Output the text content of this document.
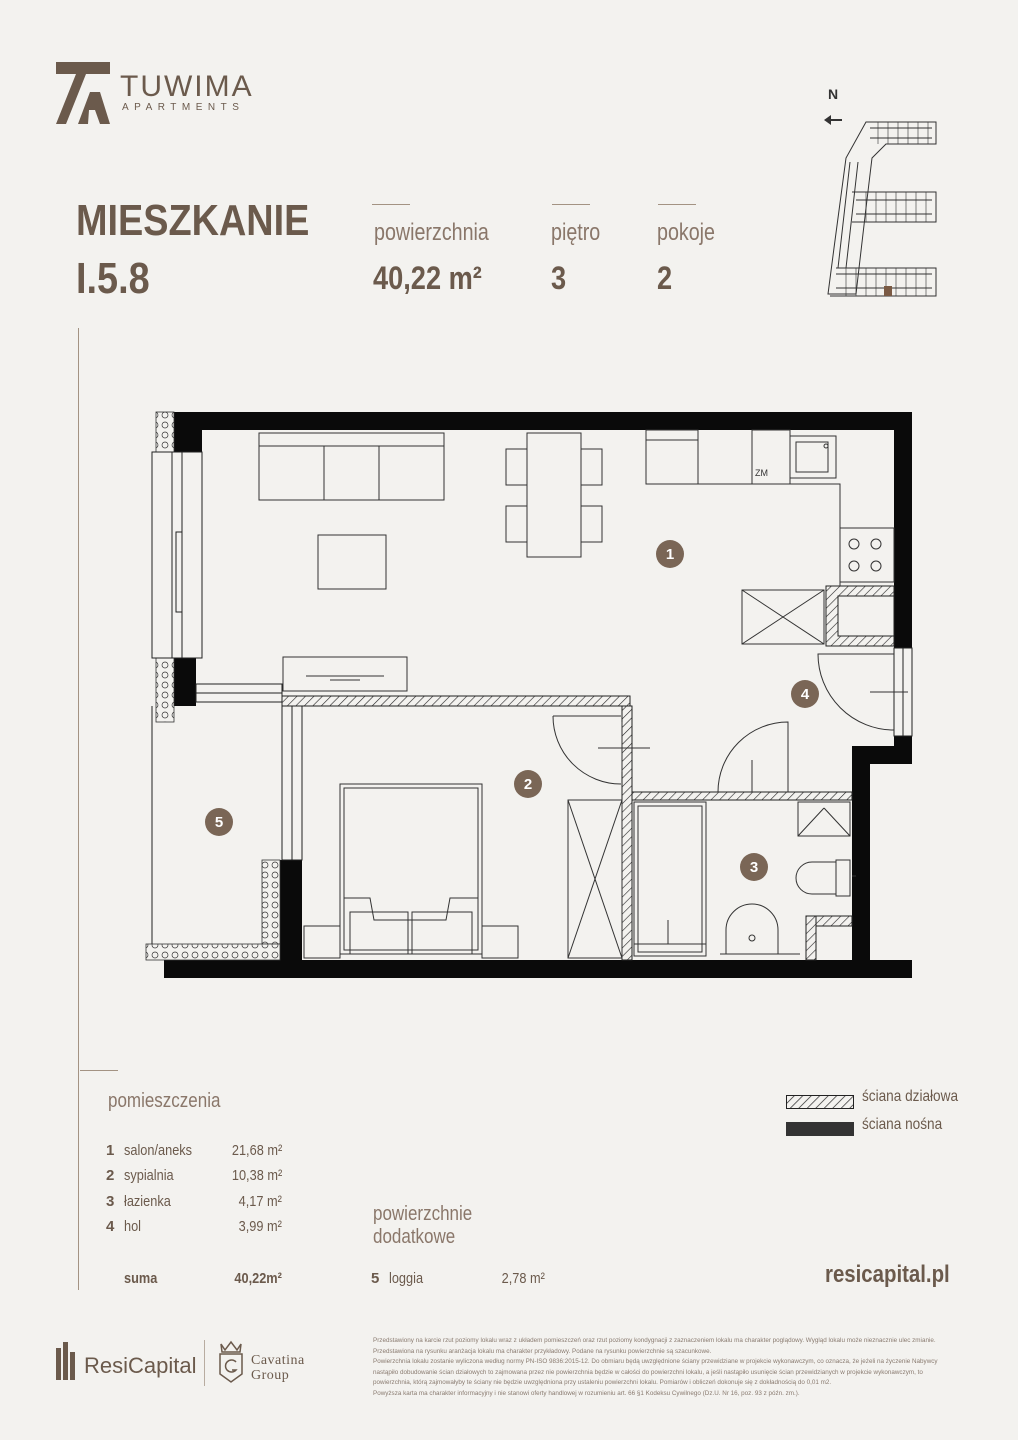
TUWIMA
APARTMENTS
MIESZKANIE
I.5.8
powierzchnia
40,22 m²
piętro
3
pokoje
2
N
ZM
1
2
3
4
5
pomieszczenia
1 salon/aneks	21,68 m²
2 sypialnia	10,38 m²
3 łazienka	4,17 m²
4 hol	3,99 m²
suma	40,22m²
powierzchnie
dodatkowe
5 loggia	2,78 m²
ściana działowa
ściana nośna
resicapital.pl
ResiCapital	Cavatina
Group
Przedstawiony na karcie rzut poziomy lokalu wraz z układem pomieszczeń oraz rzut poziomy kondygnacji z zaznaczeniem lokalu ma charakter poglądowy. Wygląd lokalu może nieznacznie ulec zmianie.
Przedstawiona na rysunku aranżacja lokalu ma charakter przykładowy. Podane na rysunku powierzchnie są szacunkowe.
Powierzchnia lokalu zostanie wyliczona według normy PN-ISO 9836:2015-12. Do obmiaru będą uwzględnione ściany przewidziane w projekcie wykonawczym, co oznacza, że jeżeli na życzenie Nabywcy nastąpiło dobudowanie ścian działowych to zajmowana przez nie powierzchnia będzie w całości do powierzchni lokalu, a jeśli nastąpiło usunięcie ścian przewidzianych w projekcie wykonawczym, to powierzchnia, którą zajmowałyby te ściany nie będzie uwzględniona przy ustaleniu powierzchni lokalu. Pomiarów i obliczeń dokonuje się z dokładnością do 0,01 m2.
Powyższa karta ma charakter informacyjny i nie stanowi oferty handlowej w rozumieniu art. 66 §1 Kodeksu Cywilnego (Dz.U. Nr 16, poz. 93 z późn. zm.).
